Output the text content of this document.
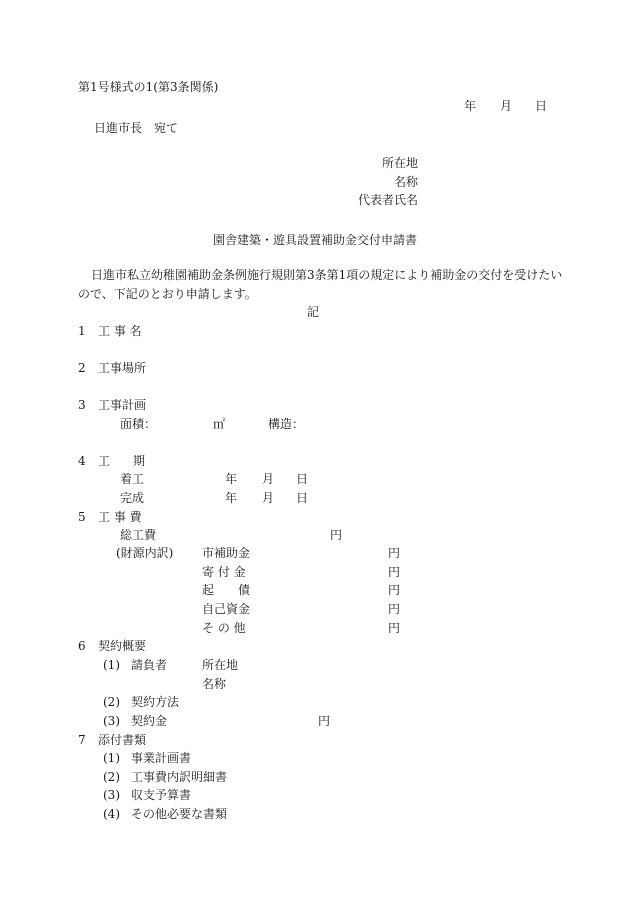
第1号様式の1(第3条関係)
年 月 日
日進市長　宛て
所在地
名称
代表者氏名
園舎建築・遊具設置補助金交付申請書
日進市私立幼稚園補助金条例施行規則第3条第1項の規定により補助金の交付を受けたい
ので、下記のとおり申請します。
記
1 工 事 名
2 工事場所
3 工事計画
面積：	㎡	構造：
4 工 期
着工	年 月 日
完成	年 月 日
5 工 事 費
総工費	円
(財源内訳) 市補助金	円
寄 付 金	円
起　　債	円
自己資金	円
そ の 他	円
6 契約概要
(1) 請負者	所在地
名称
(2) 契約方法
(3) 契約金	円
7 添付書類
(1) 事業計画書
(2) 工事費内訳明細書
(3) 収支予算書
(4) その他必要な書類
